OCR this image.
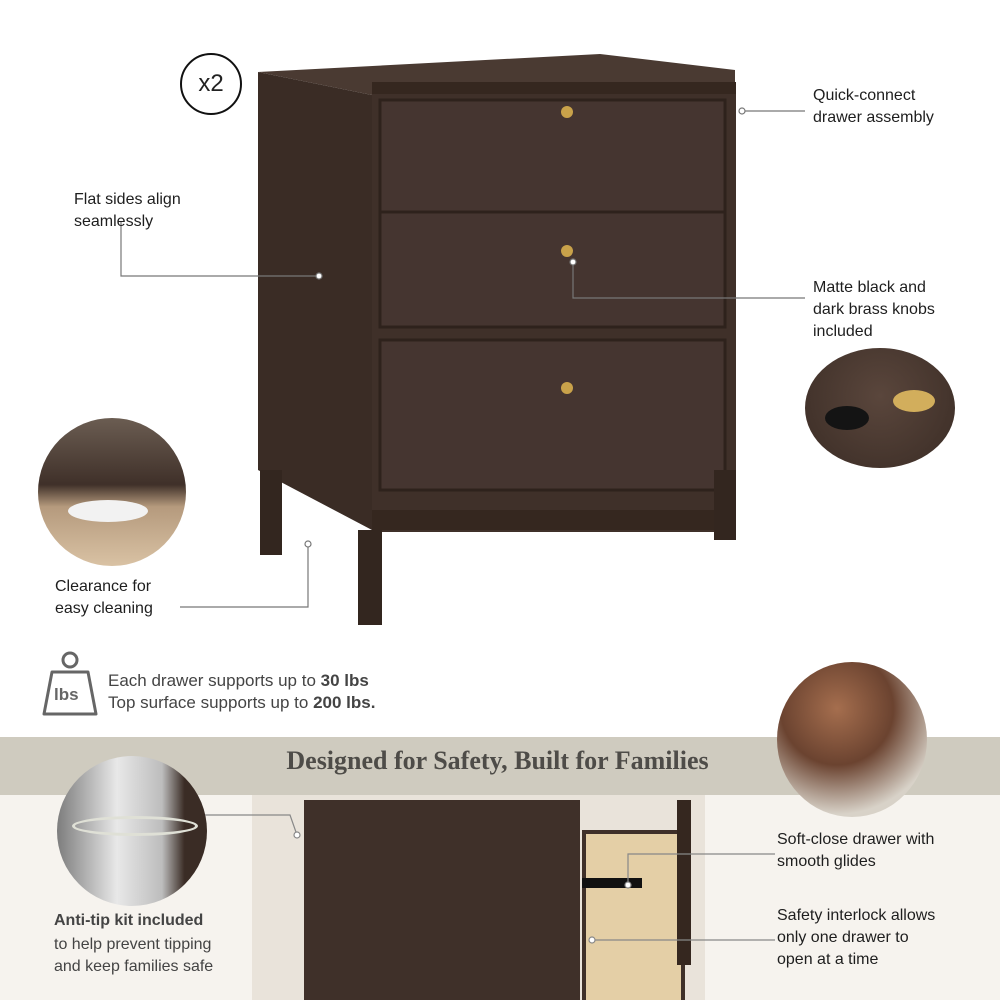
x2	Quick-connect
drawer assembly
Flat sides align
seamlessly
Matte black and
dark brass knobs
included
Clearance for
easy cleaning
lbs
Each drawer supports up to 30 lbs
Top surface supports up to 200 lbs.
Designed for Safety, Built for Families
Anti-tip kit included
to help prevent tipping
and keep families safe
Soft-close drawer with
smooth glides
Safety interlock allows
only one drawer to
open at a time
